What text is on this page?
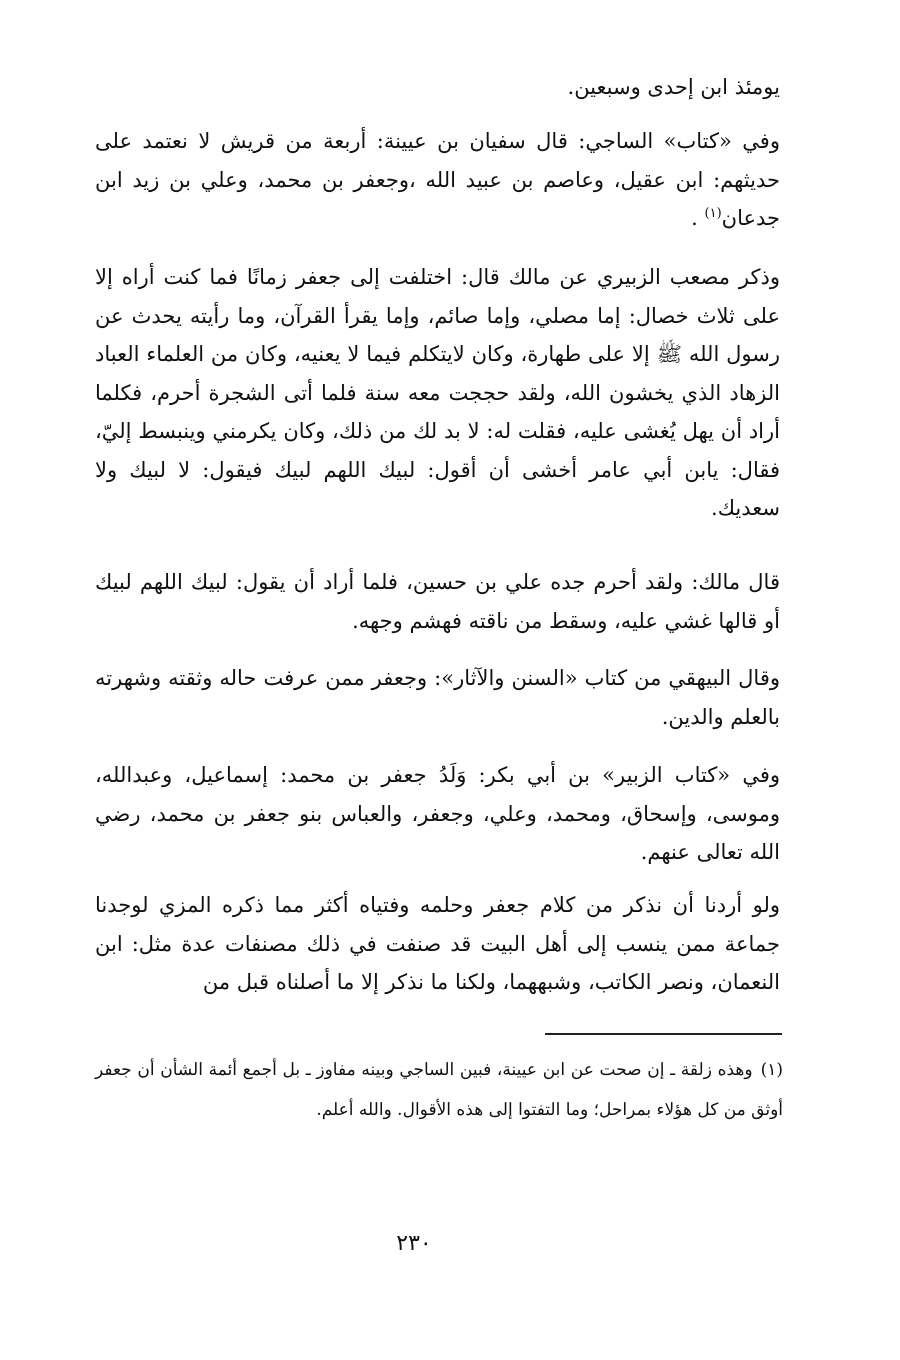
يومئذ ابن إحدى وسبعين.

وفي «كتاب» الساجي: قال سفيان بن عيينة: أربعة من قريش لا نعتمد على حديثهم: ابن عقيل، وعاصم بن عبيد الله ،وجعفر بن محمد، وعلي بن زيد ابن جدعان$^{(١)}$ .

وذكر مصعب الزبيري عن مالك قال: اختلفت إلى جعفر زمانًا فما كنت أراه إلا على ثلاث خصال: إما مصلي، وإما صائم، وإما يقرأ القرآن، وما رأيته يحدث عن رسول الله ﷺ إلا على طهارة، وكان لايتكلم فيما لا يعنيه، وكان من العلماء العباد الزهاد الذي يخشون الله، ولقد حججت معه سنة فلما أتى الشجرة أحرم، فكلما أراد أن يهل يُغشى عليه، فقلت له: لا بد لك من ذلك، وكان يكرمني وينبسط إليّ، فقال: يابن أبي عامر أخشى أن أقول: لبيك اللهم لبيك فيقول: لا لبيك ولا سعديك.

قال مالك: ولقد أحرم جده علي بن حسين، فلما أراد أن يقول: لبيك اللهم لبيك أو قالها غشي عليه، وسقط من ناقته فهشم وجهه.

وقال البيهقي من كتاب «السنن والآثار»: وجعفر ممن عرفت حاله وثقته وشهرته بالعلم والدين.

وفي «كتاب الزبير» بن أبي بكر: وَلَدُ جعفر بن محمد: إسماعيل، وعبدالله، وموسى، وإسحاق، ومحمد، وعلي، وجعفر، والعباس بنو جعفر بن محمد، رضي الله تعالى عنهم.

ولو أردنا أن نذكر من كلام جعفر وحلمه وفتياه أكثر مما ذكره المزي لوجدنا جماعة ممن ينسب إلى أهل البيت قد صنفت في ذلك مصنفات عدة مثل: ابن النعمان، ونصر الكاتب، وشبههما، ولكنا ما نذكر إلا ما أصلناه قبل من

(١)وهذه زلقة ـ إن صحت عن ابن عيينة، فبين الساجي وبينه مفاوز ـ بل أجمع أئمة الشأن أن جعفر أوثق من كل هؤلاء بمراحل؛ وما التفتوا إلى هذه الأقوال. والله أعلم.

٢٣٠
